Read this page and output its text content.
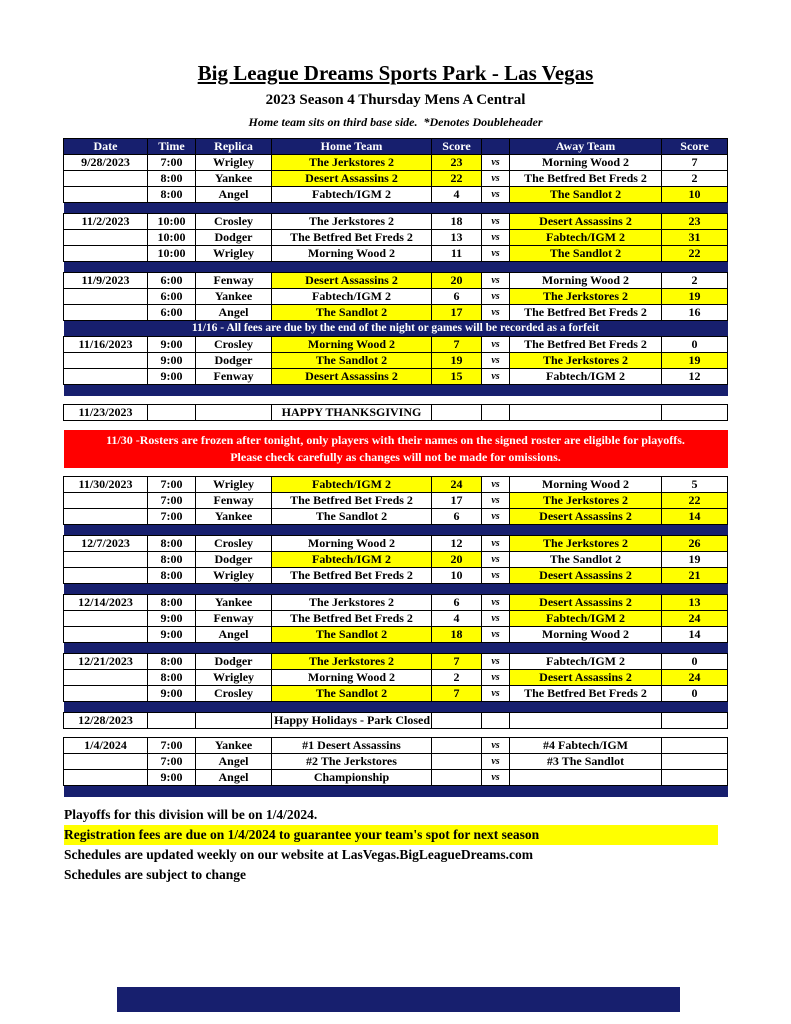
Big League Dreams Sports Park - Las Vegas
2023 Season 4 Thursday Mens A Central
Home team sits on third base side.  *Denotes Doubleheader
Date	Time	Replica	Home Team	Score		Away Team	Score
9/28/2023	7:00	Wrigley	The Jerkstores 2	23	vs	Morning Wood 2	7
	8:00	Yankee	Desert Assassins 2	22	vs	The Betfred Bet Freds 2	2
	8:00	Angel	Fabtech/IGM 2	4	vs	The Sandlot 2	10

11/2/2023	10:00	Crosley	The Jerkstores 2	18	vs	Desert Assassins 2	23
	10:00	Dodger	The Betfred Bet Freds 2	13	vs	Fabtech/IGM 2	31
	10:00	Wrigley	Morning Wood 2	11	vs	The Sandlot 2	22

11/9/2023	6:00	Fenway	Desert Assassins 2	20	vs	Morning Wood 2	2
	6:00	Yankee	Fabtech/IGM 2	6	vs	The Jerkstores 2	19
	6:00	Angel	The Sandlot 2	17	vs	The Betfred Bet Freds 2	16
11/16 - All fees are due by the end of the night or games will be recorded as a forfeit							
11/16/2023	9:00	Crosley	Morning Wood 2	7	vs	The Betfred Bet Freds 2	0
	9:00	Dodger	The Sandlot 2	19	vs	The Jerkstores 2	19
	9:00	Fenway	Desert Assassins 2	15	vs	Fabtech/IGM 2	12

11/23/2023			HAPPY THANKSGIVING				

11/30 -Rosters are frozen after tonight, only players with their names on the signed roster are eligible for playoffs.
Please check carefully as changes will not be made for omissions.							

11/30/2023	7:00	Wrigley	Fabtech/IGM 2	24	vs	Morning Wood 2	5
	7:00	Fenway	The Betfred Bet Freds 2	17	vs	The Jerkstores 2	22
	7:00	Yankee	The Sandlot 2	6	vs	Desert Assassins 2	14

12/7/2023	8:00	Crosley	Morning Wood 2	12	vs	The Jerkstores 2	26
	8:00	Dodger	Fabtech/IGM 2	20	vs	The Sandlot 2	19
	8:00	Wrigley	The Betfred Bet Freds 2	10	vs	Desert Assassins 2	21

12/14/2023	8:00	Yankee	The Jerkstores 2	6	vs	Desert Assassins 2	13
	9:00	Fenway	The Betfred Bet Freds 2	4	vs	Fabtech/IGM 2	24
	9:00	Angel	The Sandlot 2	18	vs	Morning Wood 2	14

12/21/2023	8:00	Dodger	The Jerkstores 2	7	vs	Fabtech/IGM 2	0
	8:00	Wrigley	Morning Wood 2	2	vs	Desert Assassins 2	24
	9:00	Crosley	The Sandlot 2	7	vs	The Betfred Bet Freds 2	0

12/28/2023			Happy Holidays - Park Closed				

1/4/2024	7:00	Yankee	#1 Desert Assassins		vs	#4 Fabtech/IGM	
	7:00	Angel	#2 The Jerkstores		vs	#3 The Sandlot	
	9:00	Angel	Championship		vs		

Playoffs for this division will be on 1/4/2024.
Registration fees are due on 1/4/2024 to guarantee your team's spot for next season
Schedules are updated weekly on our website at LasVegas.BigLeagueDreams.com
Schedules are subject to change
